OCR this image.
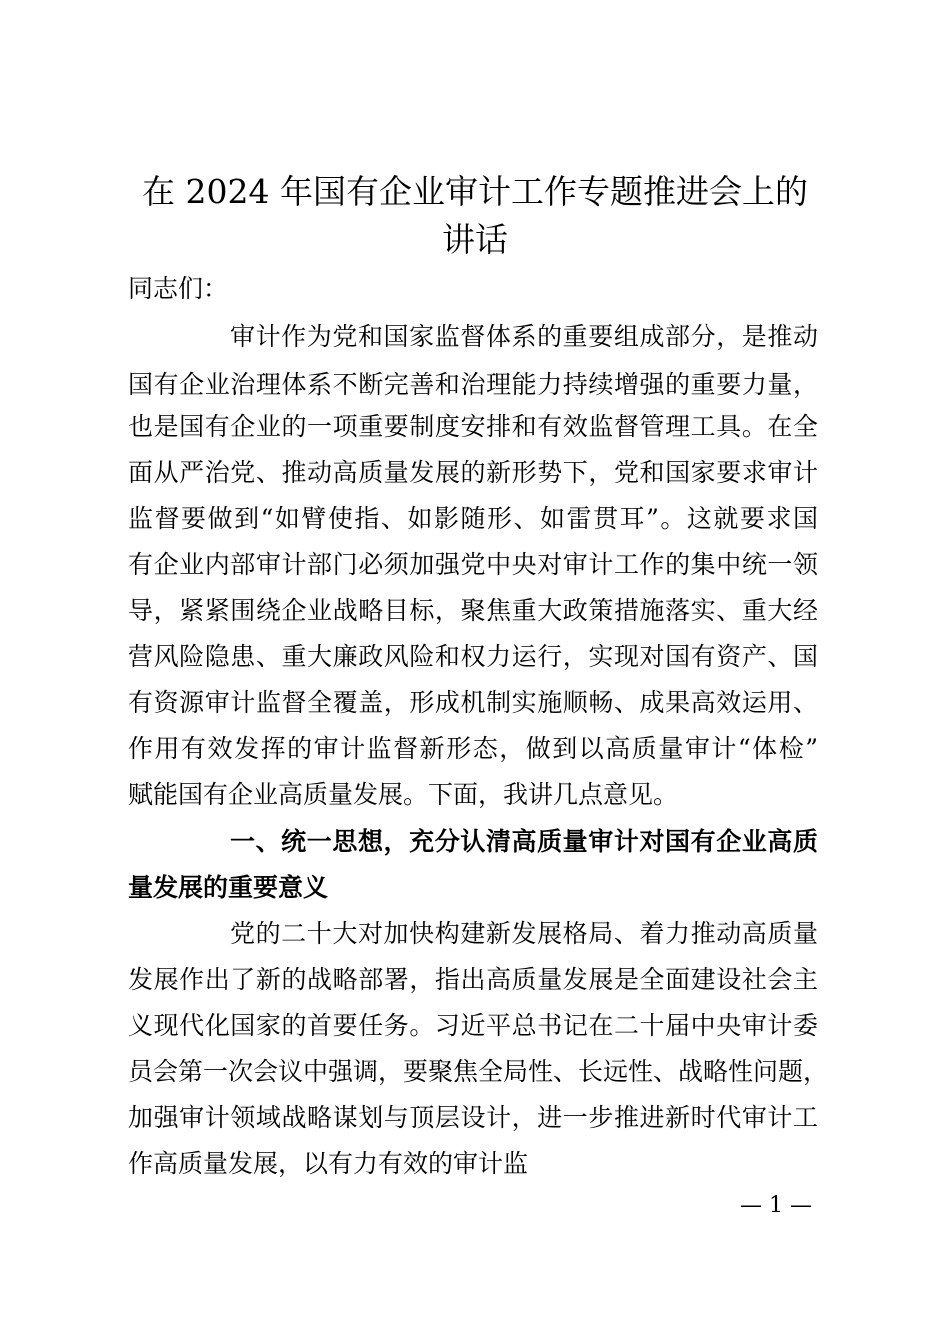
在 2024 年国有企业审计工作专题推进会上的
讲话
同志们：
审计作为党和国家监督体系的重要组成部分，是推动
国有企业治理体系不断完善和治理能力持续增强的重要力量，
也是国有企业的一项重要制度安排和有效监督管理工具。在全
面从严治党、推动高质量发展的新形势下，党和国家要求审计
监督要做到“如臂使指、如影随形、如雷贯耳”。这就要求国
有企业内部审计部门必须加强党中央对审计工作的集中统一领
导，紧紧围绕企业战略目标，聚焦重大政策措施落实、重大经
营风险隐患、重大廉政风险和权力运行，实现对国有资产、国
有资源审计监督全覆盖，形成机制实施顺畅、成果高效运用、
作用有效发挥的审计监督新形态，做到以高质量审计“体检”
赋能国有企业高质量发展。下面，我讲几点意见。
一、统一思想，充分认清高质量审计对国有企业高质
量发展的重要意义
党的二十大对加快构建新发展格局、着力推动高质量
发展作出了新的战略部署，指出高质量发展是全面建设社会主
义现代化国家的首要任务。习近平总书记在二十届中央审计委
员会第一次会议中强调，要聚焦全局性、长远性、战略性问题，
加强审计领域战略谋划与顶层设计，进一步推进新时代审计工
作高质量发展，以有力有效的审计监
— 1 —
